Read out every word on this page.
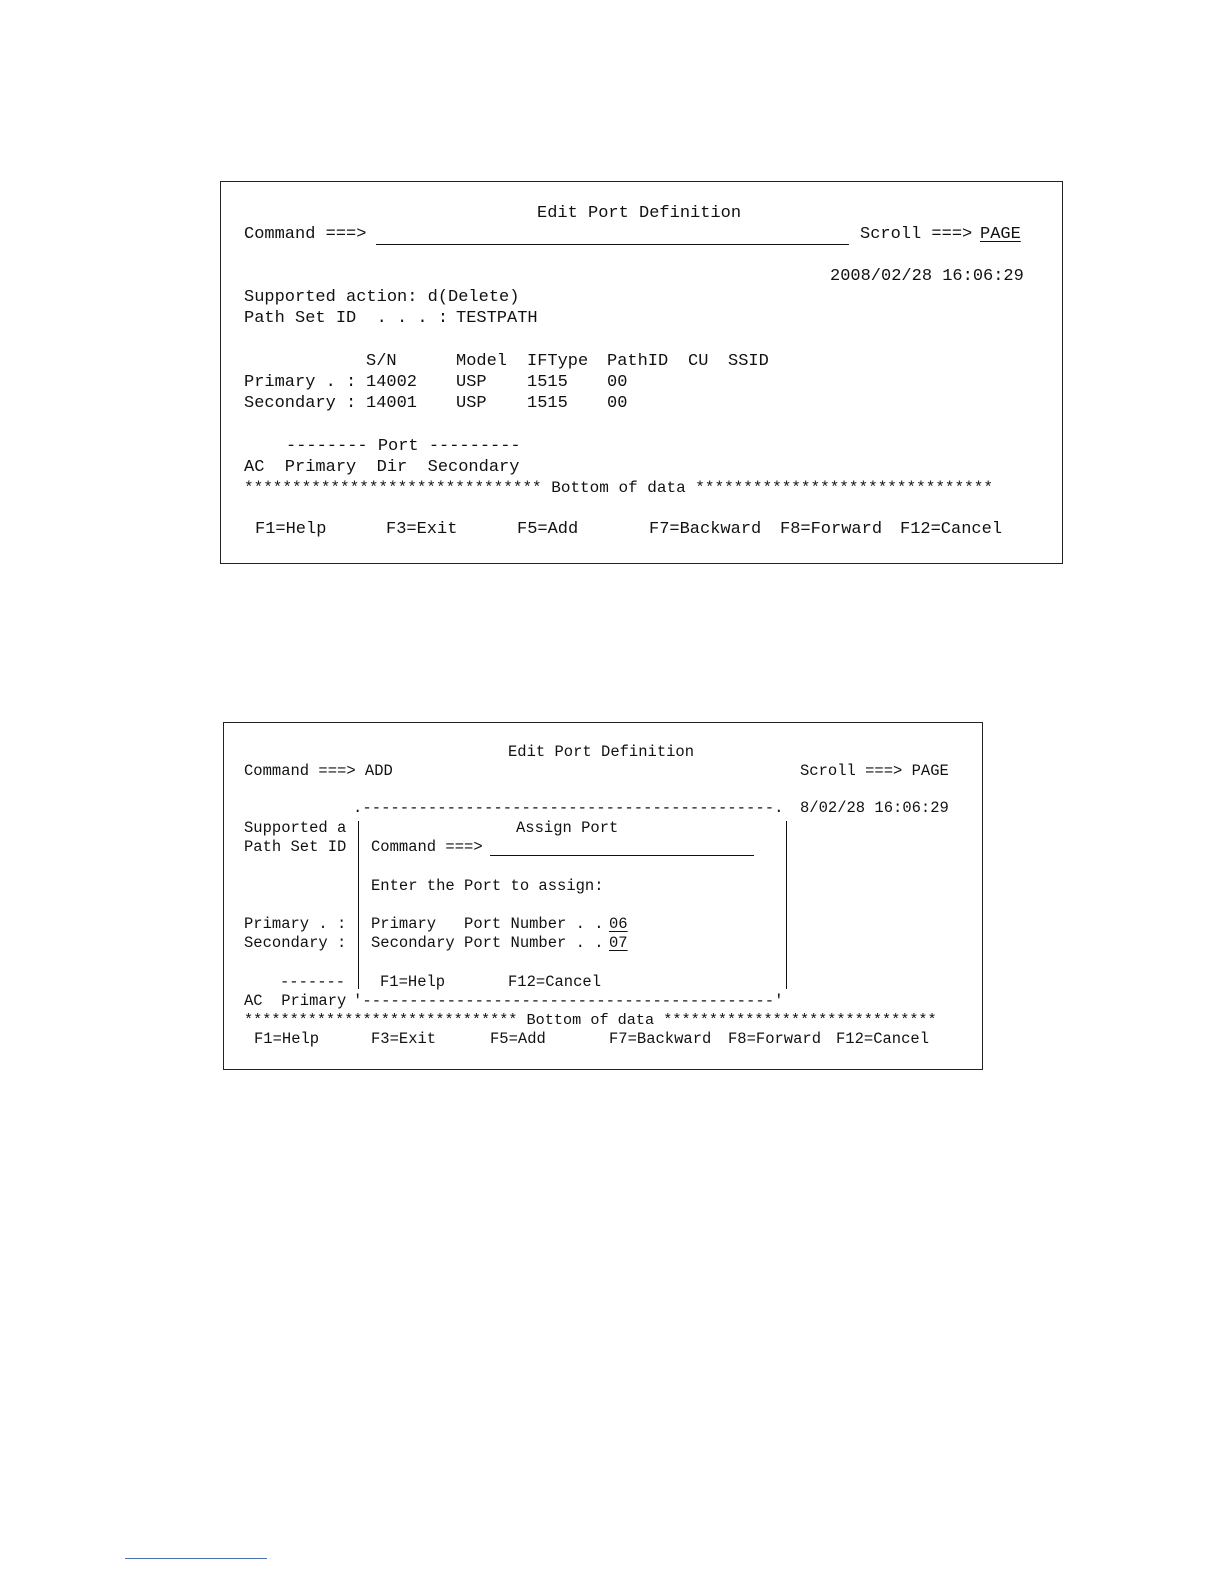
Edit Port Definition
Command ===>	Scroll ===> PAGE
2008/02/28 16:06:29
Supported action: d(Delete)
Path Set ID  . . . : TESTPATH
S/N	Model IFType PathID CU SSID
Primary . : 14002 USP 1515 00
Secondary : 14001 USP 1515 00
-------- Port ---------
AC  Primary  Dir  Secondary
******************************* Bottom of data *******************************
F1=Help	F3=Exit	F5=Add	F7=Backward F8=Forward F12=Cancel
Edit Port Definition
Command ===> ADD	Scroll ===> PAGE
8/02/28 16:06:29
Supported a
Path Set ID
Primary . :
Secondary :
-------
AC  Primary
.--------------------------------------------.
Assign Port
Command ===>
Enter the Port to assign:
Primary   Port Number . . 06
Secondary Port Number . . 07
F1=Help	F12=Cancel
'--------------------------------------------'
****************************** Bottom of data ******************************
F1=Help	F3=Exit	F5=Add	F7=Backward F8=Forward F12=Cancel
